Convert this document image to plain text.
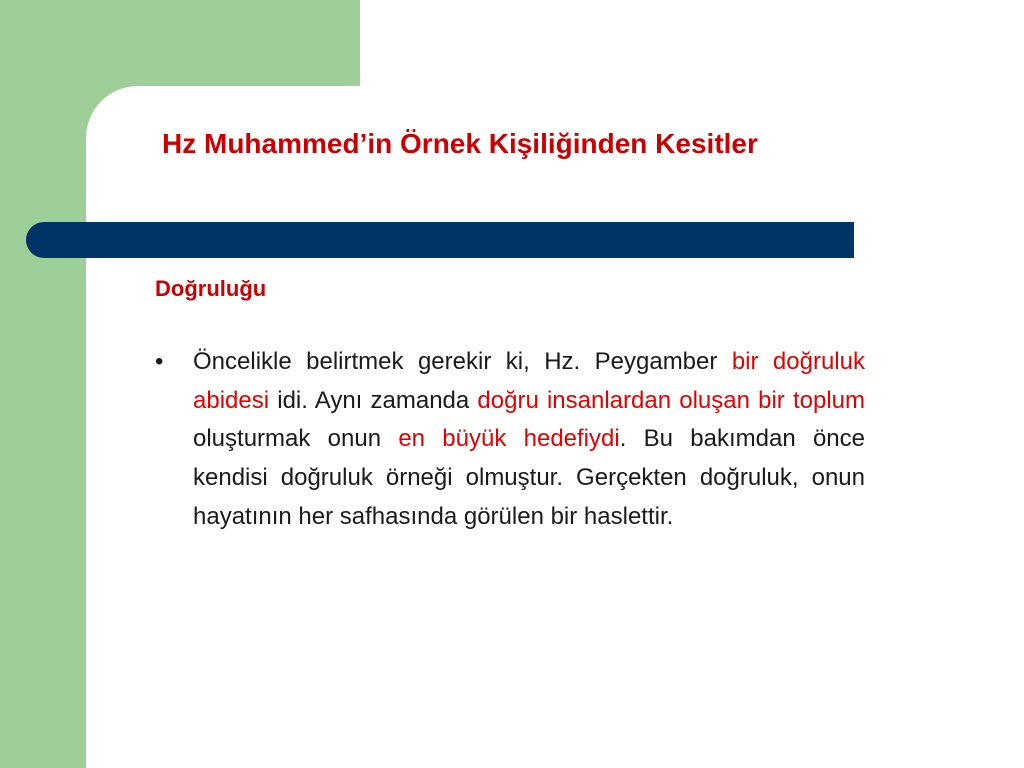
Hz Muhammed’in Örnek Kişiliğinden Kesitler
Doğruluğu
•	Öncelikle belirtmek gerekir ki, Hz. Peygamber bir doğruluk abidesi idi. Aynı zamanda doğru insanlardan oluşan bir toplum oluşturmak onun en büyük hedefiydi. Bu bakımdan önce kendisi doğruluk örneği olmuştur. Gerçekten doğruluk, onun hayatının her safhasında görülen bir haslettir.
